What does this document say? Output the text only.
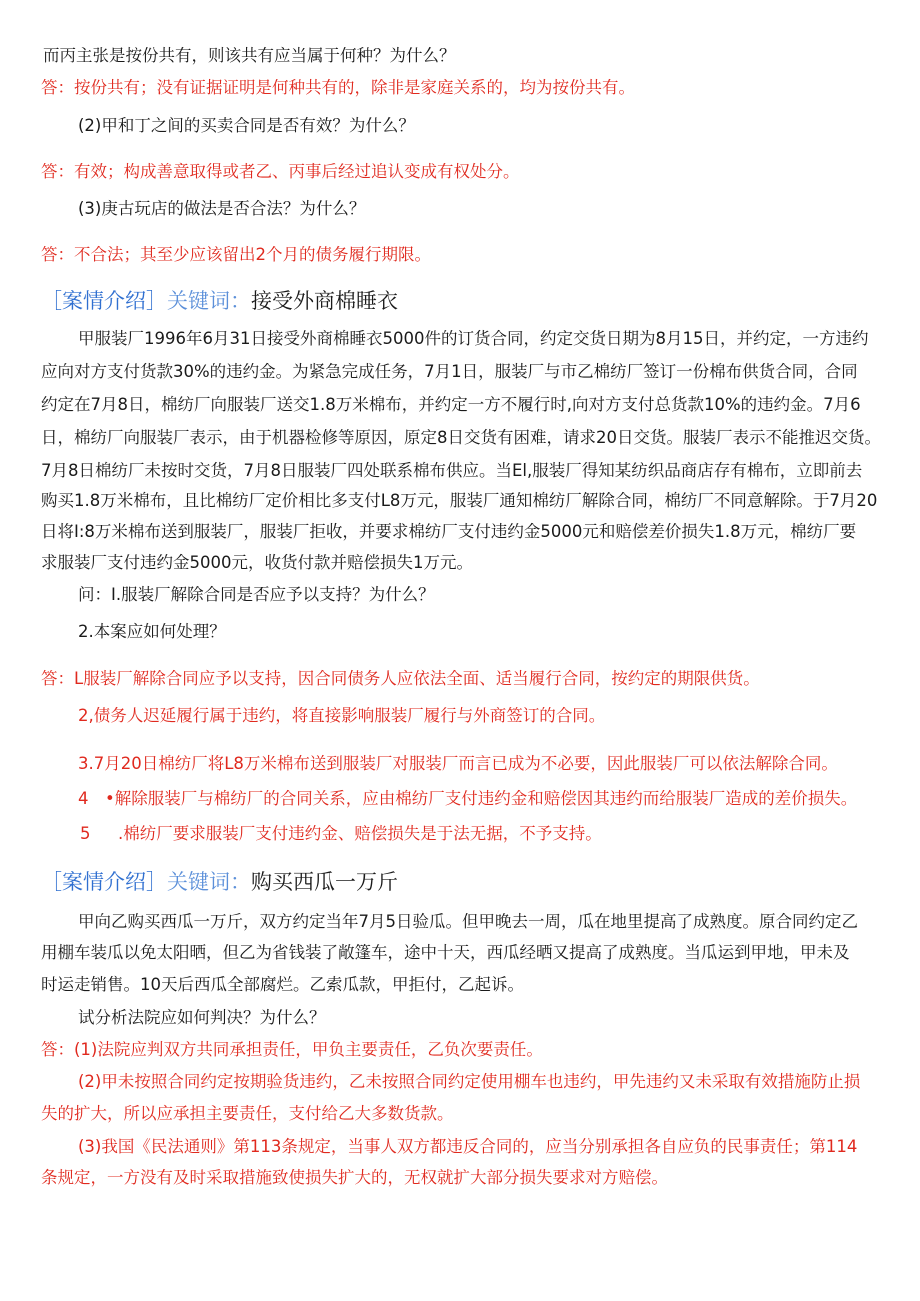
而丙主张是按份共有，则该共有应当属于何种？为什么？
答：按份共有；没有证据证明是何种共有的，除非是家庭关系的，均为按份共有。
(2)甲和丁之间的买卖合同是否有效？为什么？
答：有效；构成善意取得或者乙、丙事后经过追认变成有权处分。
(3)庚古玩店的做法是否合法？为什么？
答：不合法；其至少应该留出2个月的债务履行期限。
［案情介绍］关键词：接受外商棉睡衣
甲服装厂1996年6月31日接受外商棉睡衣5000件的订货合同，约定交货日期为8月15日，并约定，一方违约
应向对方支付货款30%的违约金。为紧急完成任务，7月1日，服装厂与市乙棉纺厂签订一份棉布供货合同，合同
约定在7月8日，棉纺厂向服装厂送交1.8万米棉布，并约定一方不履行时,向对方支付总货款10%的违约金。7月6
日，棉纺厂向服装厂表示，由于机器检修等原因，原定8日交货有困难，请求20日交货。服装厂表示不能推迟交货。
7月8日棉纺厂未按时交货，7月8日服装厂四处联系棉布供应。当El,服装厂得知某纺织品商店存有棉布，立即前去
购买1.8万米棉布，且比棉纺厂定价相比多支付L8万元，服装厂通知棉纺厂解除合同，棉纺厂不同意解除。于7月20
日将I:8万米棉布送到服装厂，服装厂拒收，并要求棉纺厂支付违约金5000元和赔偿差价损失1.8万元，棉纺厂要
求服装厂支付违约金5000元，收货付款并赔偿损失1万元。
问：I.服装厂解除合同是否应予以支持？为什么？
2.本案应如何处理？
答：L服装厂解除合同应予以支持，因合同债务人应依法全面、适当履行合同，按约定的期限供货。
2,债务人迟延履行属于违约，将直接影响服装厂履行与外商签订的合同。
3.7月20日棉纺厂将L8万米棉布送到服装厂对服装厂而言已成为不必要，因此服装厂可以依法解除合同。
4　•解除服装厂与棉纺厂的合同关系，应由棉纺厂支付违约金和赔偿因其违约而给服装厂造成的差价损失。
5 .棉纺厂要求服装厂支付违约金、赔偿损失是于法无据，不予支持。
［案情介绍］关键词：购买西瓜一万斤
甲向乙购买西瓜一万斤，双方约定当年7月5日验瓜。但甲晚去一周，瓜在地里提高了成熟度。原合同约定乙
用棚车装瓜以免太阳晒，但乙为省钱装了敞篷车，途中十天，西瓜经晒又提高了成熟度。当瓜运到甲地，甲未及
时运走销售。10天后西瓜全部腐烂。乙索瓜款，甲拒付，乙起诉。
试分析法院应如何判决？为什么？
答：(1)法院应判双方共同承担责任，甲负主要责任，乙负次要责任。
(2)甲未按照合同约定按期验货违约，乙未按照合同约定使用棚车也违约，甲先违约又未采取有效措施防止损
失的扩大，所以应承担主要责任，支付给乙大多数货款。
(3)我国《民法通则》第113条规定，当事人双方都违反合同的，应当分别承担各自应负的民事责任；第114
条规定，一方没有及时采取措施致使损失扩大的，无权就扩大部分损失要求对方赔偿。
